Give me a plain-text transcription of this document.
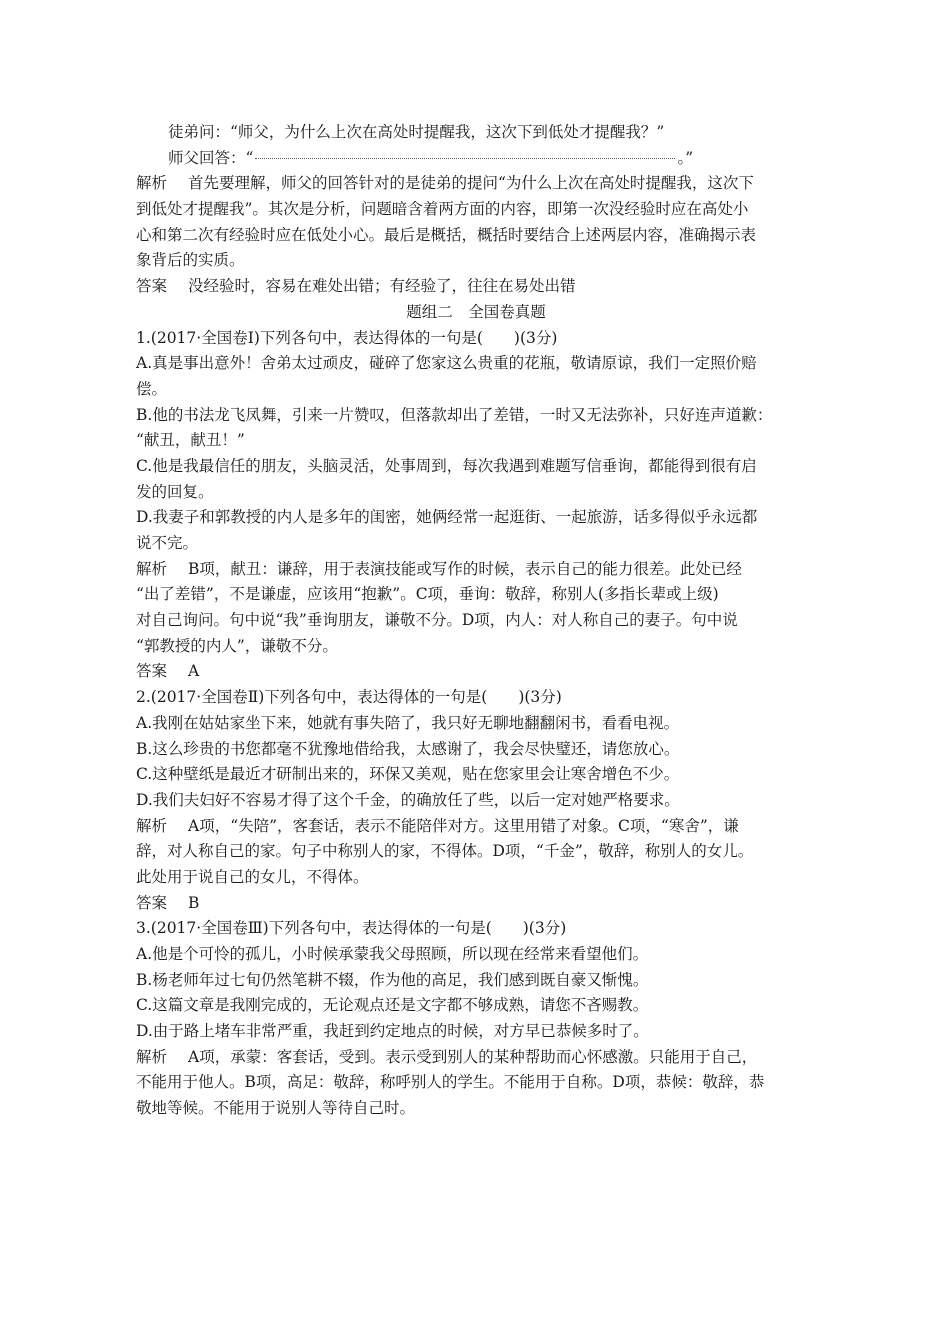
徒弟问：“师父，为什么上次在高处时提醒我，这次下到低处才提醒我？”
师父回答：“	。”
解析 首先要理解，师父的回答针对的是徒弟的提问“为什么上次在高处时提醒我，这次下
到低处才提醒我”。其次是分析，问题暗含着两方面的内容，即第一次没经验时应在高处小
心和第二次有经验时应在低处小心。最后是概括，概括时要结合上述两层内容，准确揭示表
象背后的实质。
答案 没经验时，容易在难处出错；有经验了，往往在易处出错
题组二　全国卷真题
1.(2017·全国卷Ⅰ)下列各句中，表达得体的一句是(　　)(3分)
A.真是事出意外！舍弟太过顽皮，碰碎了您家这么贵重的花瓶，敬请原谅，我们一定照价赔
偿。
B.他的书法龙飞凤舞，引来一片赞叹，但落款却出了差错，一时又无法弥补，只好连声道歉：
“献丑，献丑！”
C.他是我最信任的朋友，头脑灵活，处事周到，每次我遇到难题写信垂询，都能得到很有启
发的回复。
D.我妻子和郭教授的内人是多年的闺密，她俩经常一起逛街、一起旅游，话多得似乎永远都
说不完。
解析 B项，献丑：谦辞，用于表演技能或写作的时候，表示自己的能力很差。此处已经
“出了差错”，不是谦虚，应该用“抱歉”。C项，垂询：敬辞，称别人(多指长辈或上级)
对自己询问。句中说“我”垂询朋友，谦敬不分。D项，内人：对人称自己的妻子。句中说
“郭教授的内人”，谦敬不分。
答案 A
2.(2017·全国卷Ⅱ)下列各句中，表达得体的一句是(　　)(3分)
A.我刚在姑姑家坐下来，她就有事失陪了，我只好无聊地翻翻闲书，看看电视。
B.这么珍贵的书您都毫不犹豫地借给我，太感谢了，我会尽快璧还，请您放心。
C.这种壁纸是最近才研制出来的，环保又美观，贴在您家里会让寒舍增色不少。
D.我们夫妇好不容易才得了这个千金，的确放任了些，以后一定对她严格要求。
解析 A项，“失陪”，客套话，表示不能陪伴对方。这里用错了对象。C项，“寒舍”，谦
辞，对人称自己的家。句子中称别人的家，不得体。D项，“千金”，敬辞，称别人的女儿。
此处用于说自己的女儿，不得体。
答案 B
3.(2017·全国卷Ⅲ)下列各句中，表达得体的一句是(　　)(3分)
A.他是个可怜的孤儿，小时候承蒙我父母照顾，所以现在经常来看望他们。
B.杨老师年过七旬仍然笔耕不辍，作为他的高足，我们感到既自豪又惭愧。
C.这篇文章是我刚完成的，无论观点还是文字都不够成熟，请您不吝赐教。
D.由于路上堵车非常严重，我赶到约定地点的时候，对方早已恭候多时了。
解析 A项，承蒙：客套话，受到。表示受到别人的某种帮助而心怀感激。只能用于自己，
不能用于他人。B项，高足：敬辞，称呼别人的学生。不能用于自称。D项，恭候：敬辞，恭
敬地等候。不能用于说别人等待自己时。
